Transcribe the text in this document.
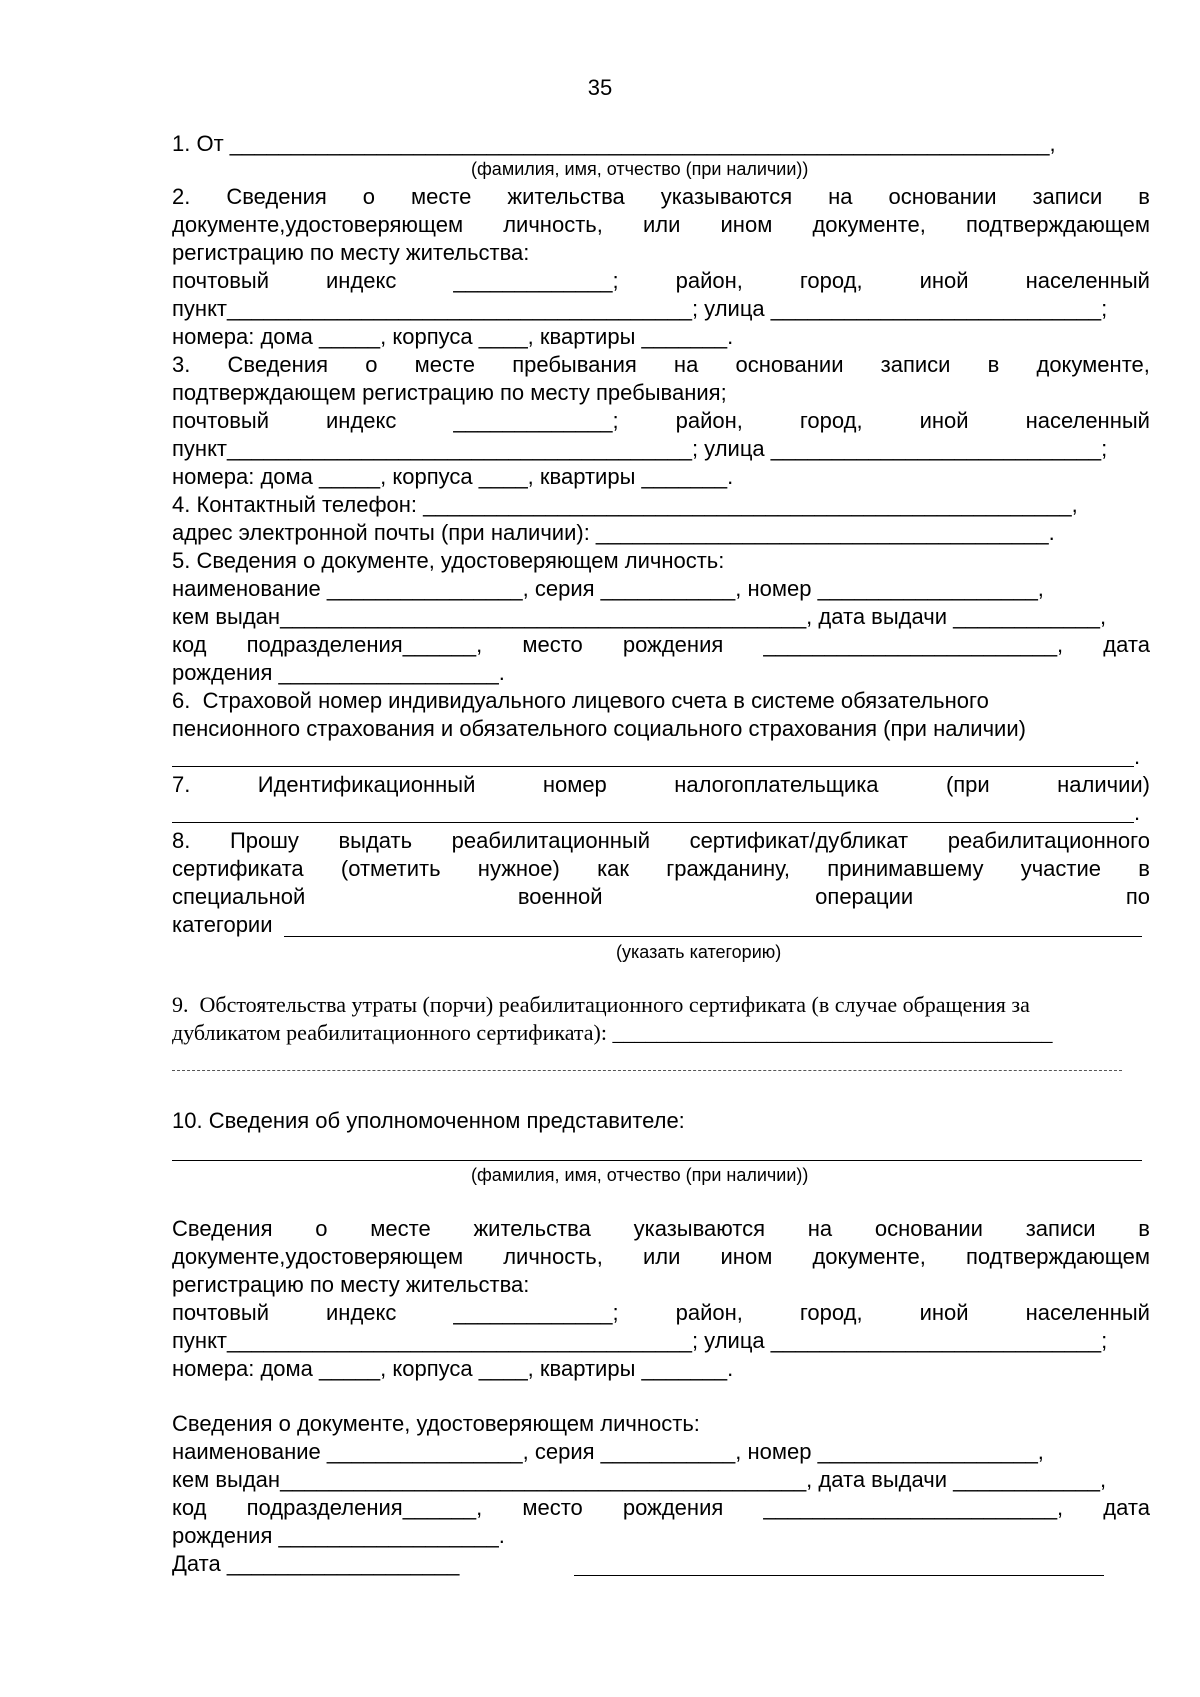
35
1. От ___________________________________________________________________,
(фамилия, имя, отчество (при наличии))
2. Сведения о месте жительства указываются на основании записи в
документе,удостоверяющем личность, или ином документе, подтверждающем
регистрацию по месту жительства:
почтовый	индекс	_____________;	район,	город,	иной	населенный
пункт______________________________________; улица ___________________________;
номера: дома _____, корпуса ____, квартиры _______.
3. Сведения о месте пребывания на основании записи в документе,
подтверждающем регистрацию по месту пребывания;
почтовый	индекс	_____________;	район,	город,	иной	населенный
пункт______________________________________; улица ___________________________;
номера: дома _____, корпуса ____, квартиры _______.
4. Контактный телефон: _____________________________________________________,
адрес электронной почты (при наличии): _____________________________________.
5. Сведения о документе, удостоверяющем личность:
наименование ________________, серия ___________, номер __________________,
кем выдан___________________________________________, дата выдачи ____________,
код подразделения______, место рождения ________________________, дата
рождения __________________.
6.  Страховой номер индивидуального лицевого счета в системе обязательного
пенсионного страхования и обязательного социального страхования (при наличии)
.
7.	Идентификационный	номер	налогоплательщика	(при	наличии)
.
8. Прошу выдать реабилитационный сертификат/дубликат реабилитационного
сертификата (отметить нужное) как гражданину, принимавшему участие в
специальной	военной	операции	по
категории
(указать категорию)
9.  Обстоятельства утраты (порчи) реабилитационного сертификата (в случае обращения за
дубликатом реабилитационного сертификата): ________________________________________
10. Сведения об уполномоченном представителе:
(фамилия, имя, отчество (при наличии))
Сведения о месте жительства указываются на основании записи в
документе,удостоверяющем личность, или ином документе, подтверждающем
регистрацию по месту жительства:
почтовый	индекс	_____________;	район,	город,	иной	населенный
пункт______________________________________; улица ___________________________;
номера: дома _____, корпуса ____, квартиры _______.
Сведения о документе, удостоверяющем личность:
наименование ________________, серия ___________, номер __________________,
кем выдан___________________________________________, дата выдачи ____________,
код подразделения______, место рождения ________________________, дата
рождения __________________.
Дата ___________________
